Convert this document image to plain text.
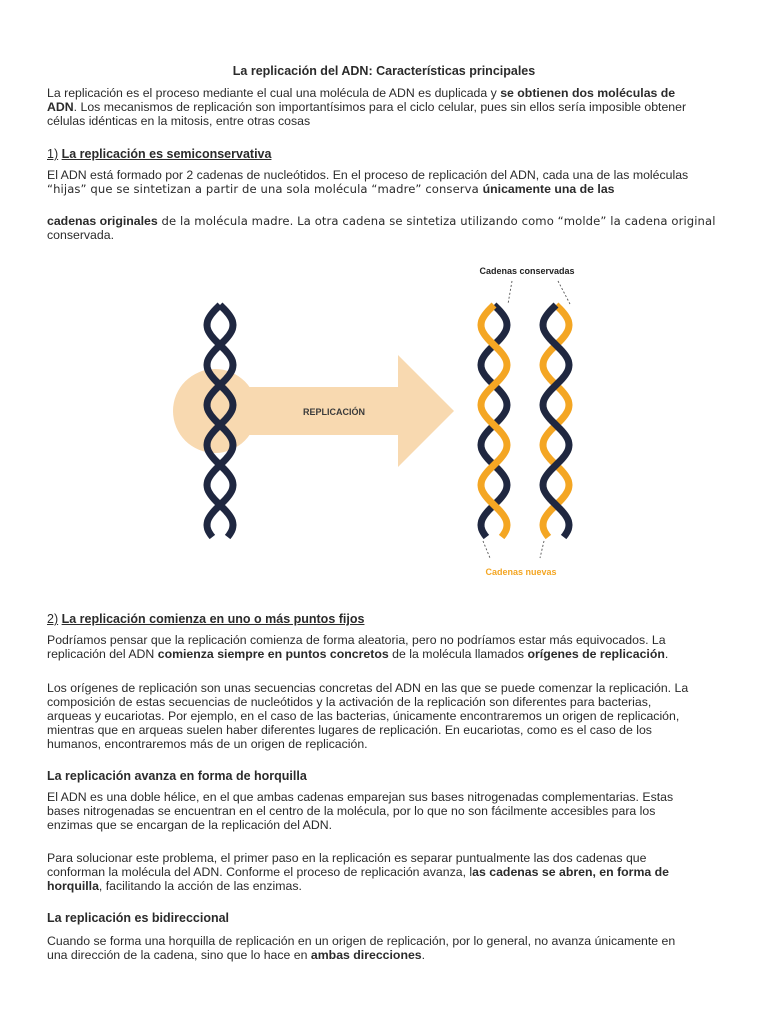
La replicación del ADN: Características principales
La replicación es el proceso mediante el cual una molécula de ADN es duplicada y se obtienen dos moléculas de
ADN. Los mecanismos de replicación son importantísimos para el ciclo celular, pues sin ellos sería imposible obtener
células idénticas en la mitosis, entre otras cosas
1) La replicación es semiconservativa
El ADN está formado por 2 cadenas de nucleótidos. En el proceso de replicación del ADN, cada una de las moléculas
“hijas” que se sintetizan a partir de una sola molécula “madre” conserva únicamente una de las
cadenas originales de la molécula madre. La otra cadena se sintetiza utilizando como “molde” la cadena original
conservada.
REPLICACIÓN
Cadenas conservadas
Cadenas nuevas
2) La replicación comienza en uno o más puntos fijos
Podríamos pensar que la replicación comienza de forma aleatoria, pero no podríamos estar más equivocados. La
replicación del ADN comienza siempre en puntos concretos de la molécula llamados orígenes de replicación.
Los orígenes de replicación son unas secuencias concretas del ADN en las que se puede comenzar la replicación. La
composición de estas secuencias de nucleótidos y la activación de la replicación son diferentes para bacterias,
arqueas y eucariotas. Por ejemplo, en el caso de las bacterias, únicamente encontraremos un origen de replicación,
mientras que en arqueas suelen haber diferentes lugares de replicación. En eucariotas, como es el caso de los
humanos, encontraremos más de un origen de replicación.
La replicación avanza en forma de horquilla
El ADN es una doble hélice, en el que ambas cadenas emparejan sus bases nitrogenadas complementarias. Estas
bases nitrogenadas se encuentran en el centro de la molécula, por lo que no son fácilmente accesibles para los
enzimas que se encargan de la replicación del ADN.
Para solucionar este problema, el primer paso en la replicación es separar puntualmente las dos cadenas que
conforman la molécula del ADN. Conforme el proceso de replicación avanza, las cadenas se abren, en forma de
horquilla, facilitando la acción de las enzimas.
La replicación es bidireccional
Cuando se forma una horquilla de replicación en un origen de replicación, por lo general, no avanza únicamente en
una dirección de la cadena, sino que lo hace en ambas direcciones.
